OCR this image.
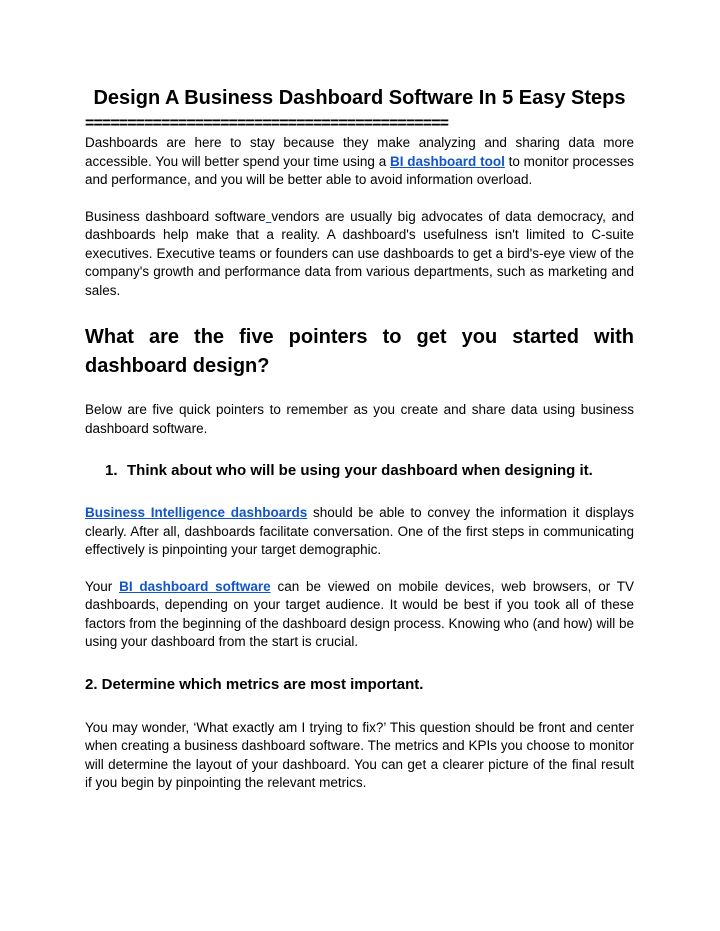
Design A Business Dashboard Software In 5 Easy Steps
===========================================

Dashboards are here to stay because they make analyzing and sharing data more accessible. You will better spend your time using a BI dashboard tool to monitor processes and performance, and you will be better able to avoid information overload.

Business dashboard software vendors are usually big advocates of data democracy, and dashboards help make that a reality. A dashboard's usefulness isn't limited to C-suite executives. Executive teams or founders can use dashboards to get a bird's-eye view of the company's growth and performance data from various departments, such as marketing and sales.

What are the five pointers to get you started with dashboard design?

Below are five quick pointers to remember as you create and share data using business dashboard software.

1. Think about who will be using your dashboard when designing it.

Business Intelligence dashboards should be able to convey the information it displays clearly. After all, dashboards facilitate conversation. One of the first steps in communicating effectively is pinpointing your target demographic.

Your BI dashboard software can be viewed on mobile devices, web browsers, or TV dashboards, depending on your target audience. It would be best if you took all of these factors from the beginning of the dashboard design process. Knowing who (and how) will be using your dashboard from the start is crucial.

2. Determine which metrics are most important.

You may wonder, ‘What exactly am I trying to fix?’ This question should be front and center when creating a business dashboard software. The metrics and KPIs you choose to monitor will determine the layout of your dashboard. You can get a clearer picture of the final result if you begin by pinpointing the relevant metrics.
